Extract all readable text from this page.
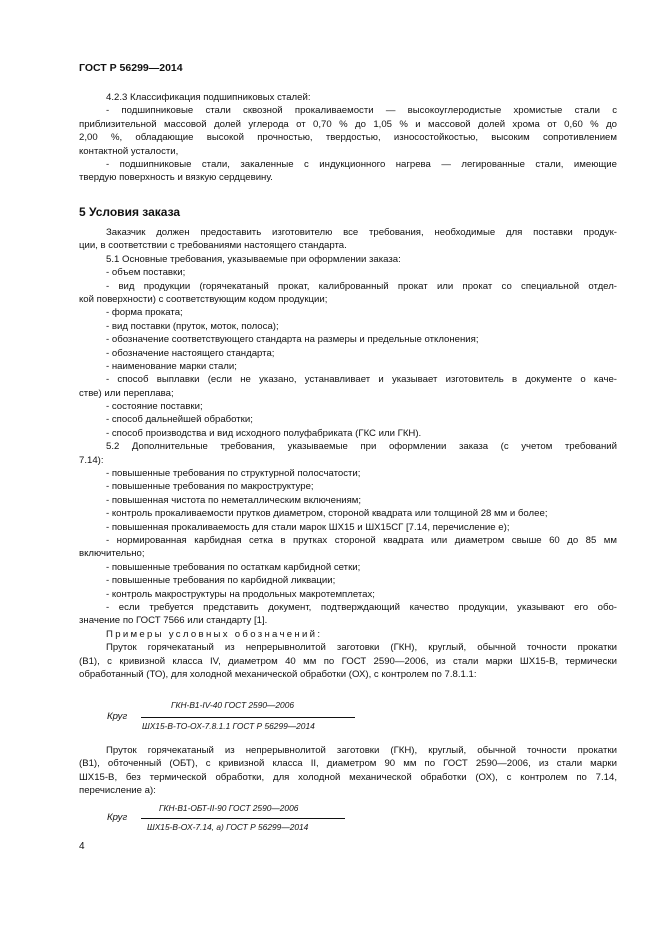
ГОСТ Р 56299—2014
4.2.3 Классификация подшипниковых сталей:
- подшипниковые стали сквозной прокаливаемости — высокоуглеродистые хромистые стали с
приблизительной массовой долей углерода от 0,70 % до 1,05 % и массовой долей хрома от 0,60 % до
2,00 %, обладающие высокой прочностью, твердостью, износостойкостью, высоким сопротивлением
контактной усталости,
- подшипниковые стали, закаленные с индукционного нагрева — легированные стали, имеющие
твердую поверхность и вязкую сердцевину.
5 Условия заказа
Заказчик должен предоставить изготовителю все требования, необходимые для поставки продук-
ции, в соответствии с требованиями настоящего стандарта.
5.1 Основные требования, указываемые при оформлении заказа:
- объем поставки;
- вид продукции (горячекатаный прокат, калиброванный прокат или прокат со специальной отдел-
кой поверхности) с соответствующим кодом продукции;
- форма проката;
- вид поставки (пруток, моток, полоса);
- обозначение соответствующего стандарта на размеры и предельные отклонения;
- обозначение настоящего стандарта;
- наименование марки стали;
- способ выплавки (если не указано, устанавливает и указывает изготовитель в документе о каче-
стве) или переплава;
- состояние поставки;
- способ дальнейшей обработки;
- способ производства и вид исходного полуфабриката (ГКС или ГКН).
5.2 Дополнительные требования, указываемые при оформлении заказа (с учетом требований
7.14):
- повышенные требования по структурной полосчатости;
- повышенные требования по макроструктуре;
- повышенная чистота по неметаллическим включениям;
- контроль прокаливаемости прутков диаметром, стороной квадрата или толщиной 28 мм и более;
- повышенная прокаливаемость для стали марок ШХ15 и ШХ15СГ [7.14, перечисление е);
- нормированная карбидная сетка в прутках стороной квадрата или диаметром свыше 60 до 85 мм
включительно;
- повышенные требования по остаткам карбидной сетки;
- повышенные требования по карбидной ликвации;
- контроль макроструктуры на продольных макротемплетах;
- если требуется представить документ, подтверждающий качество продукции, указывают его обо-
значение по ГОСТ 7566 или стандарту [1].
Примеры условных обозначений:
Пруток горячекатаный из непрерывнолитой заготовки (ГКН), круглый, обычной точности прокатки
(В1), с кривизной класса IV, диаметром 40 мм по ГОСТ 2590—2006, из стали марки ШХ15-В, термически
обработанный (ТО), для холодной механической обработки (ОХ), с контролем по 7.8.1.1:
Круг
ГКН-В1-IV-40 ГОСТ 2590—2006
ШХ15-В-ТО-ОХ-7.8.1.1 ГОСТ Р 56299—2014
Пруток горячекатаный из непрерывнолитой заготовки (ГКН), круглый, обычной точности прокатки
(В1), обточенный (ОБТ), с кривизной класса II, диаметром 90 мм по ГОСТ 2590—2006, из стали марки
ШХ15-В, без термической обработки, для холодной механической обработки (ОХ), с контролем по 7.14,
перечисление а):
Круг
ГКН-В1-ОБТ-II-90 ГОСТ 2590—2006
ШХ15-В-ОХ-7.14, а) ГОСТ Р 56299—2014
4
